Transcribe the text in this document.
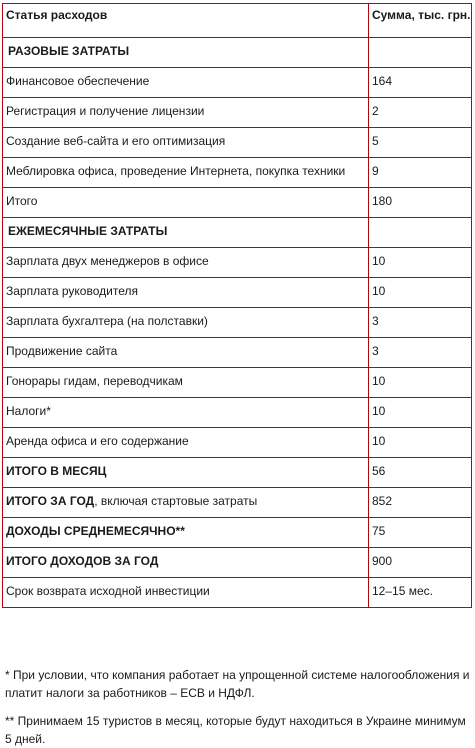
Статья расходов	Сумма, тыс. грн.

РАЗОВЫЕ ЗАТРАТЫ	

Финансовое обеспечение	164

Регистрация и получение лицензии	2

Создание веб-сайта и его оптимизация	5

Меблировка офиса, проведение Интернета, покупка техники	9

Итого	180

ЕЖЕМЕСЯЧНЫЕ ЗАТРАТЫ	

Зарплата двух менеджеров в офисе	10

Зарплата руководителя	10

Зарплата бухгалтера (на полставки)	3

Продвижение сайта	3

Гонорары гидам, переводчикам	10

Налоги*	10

Аренда офиса и его содержание	10

ИТОГО В МЕСЯЦ	56

ИТОГО ЗА ГОД, включая стартовые затраты	852

ДОХОДЫ СРЕДНЕМЕСЯЧНО**	75

ИТОГО ДОХОДОВ ЗА ГОД	900

Срок возврата исходной инвестиции	12–15 мес.

* При условии, что компания работает на упрощенной системе налогообложения и платит налоги за работников – ЕСВ и НДФЛ.

** Принимаем 15 туристов в месяц, которые будут находиться в Украине минимум 5 дней.
